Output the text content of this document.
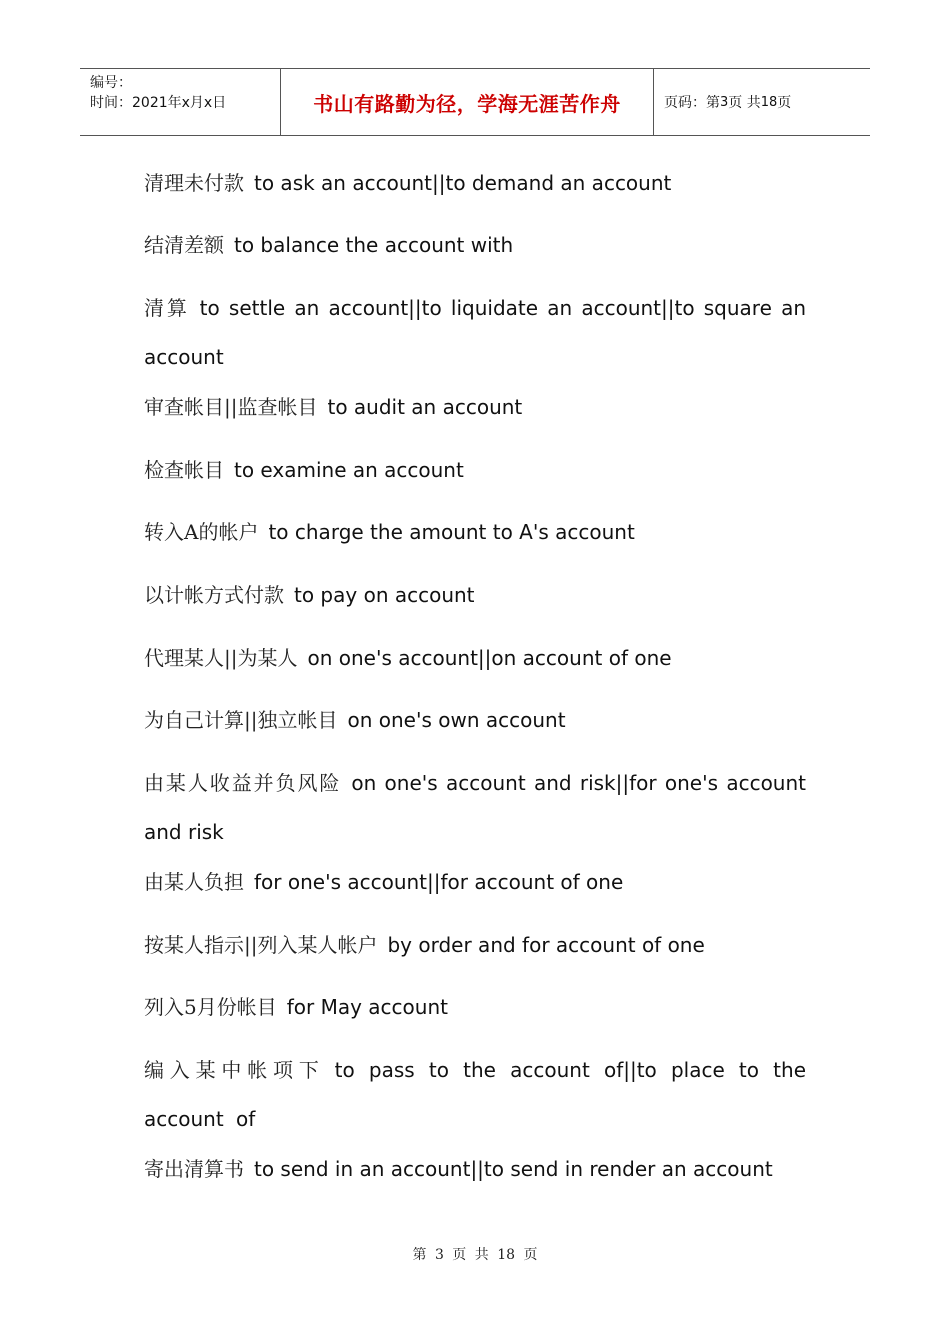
编号：
时间：2021年x月x日	书山有路勤为径，学海无涯苦作舟	页码：第 3 页 共 18 页
清理未付款 to ask an account||to demand an account
结清差额 to balance the account with
清算 to settle an account||to liquidate an account||to square an account
审查帐目||监查帐目 to audit an account
检查帐目 to examine an account
转入A的帐户 to charge the amount to A's account
以计帐方式付款 to pay on account
代理某人||为某人 on one's account||on account of one
为自己计算||独立帐目 on one's own account
由某人收益并负风险 on one's account and risk||for one's account and risk
由某人负担 for one's account||for account of one
按某人指示||列入某人帐户 by order and for account of one
列入5月份帐目 for May account
编入某中帐项下 to pass to the account of||to place to the account of
寄出清算书 to send in an account||to send in render an account
第 3 页 共 18 页
